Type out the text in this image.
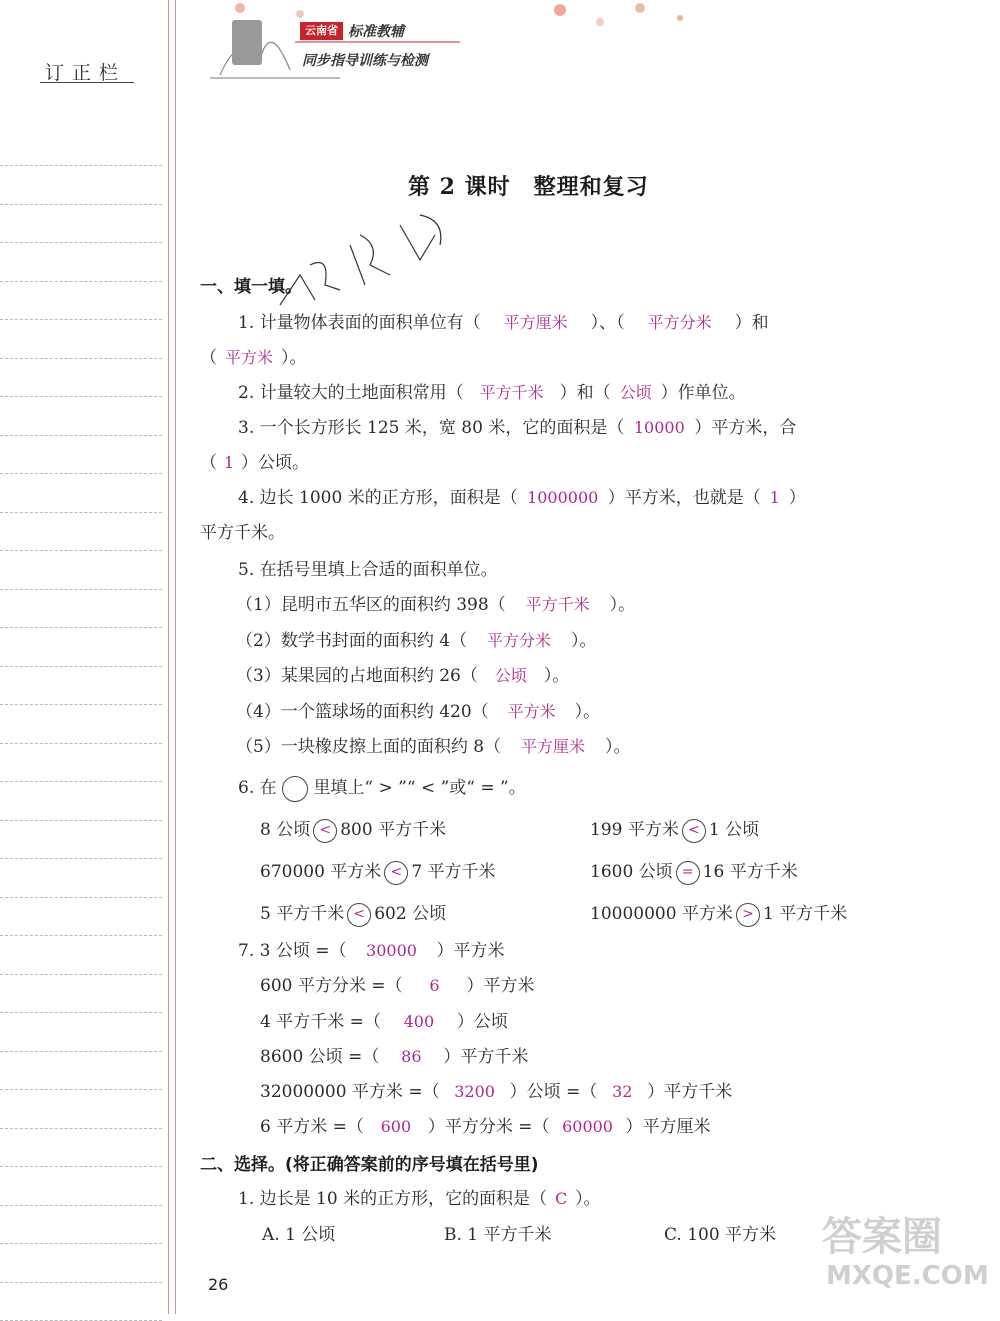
云南省 标准教辅
同步指导训练与检测
订正栏
第 2 课时　整理和复习
一、填一填。
1. 计量物体表面的面积单位有（ 平方厘米 ）、（ 平方分米 ）和
（ 平方米 ）。
2. 计量较大的土地面积常用（ 平方千米 ）和（ 公顷 ）作单位。
3. 一个长方形长 125 米，宽 80 米，它的面积是（ 10000 ）平方米，合
（ 1 ）公顷。
4. 边长 1000 米的正方形，面积是（ 1000000 ）平方米，也就是（ 1 ）
平方千米。
5. 在括号里填上合适的面积单位。
（1）昆明市五华区的面积约 398（ 平方千米 ）。
（2）数学书封面的面积约 4（ 平方分米 ）。
（3）某果园的占地面积约 26（ 公顷 ）。
（4）一个篮球场的面积约 420（ 平方米 ）。
（5）一块橡皮擦上面的面积约 8（ 平方厘米 ）。
6. 在 里填上“ > ”“ < ”或“ = ”。
8 公顷 < 800 平方千米	199 平方米 < 1 公顷
670000 平方米 < 7 平方千米	1600 公顷 = 16 平方千米
5 平方千米 < 602 公顷	10000000 平方米 > 1 平方千米
7. 3 公顷 =（ 30000 ）平方米
600 平方分米 =（ 6 ）平方米
4 平方千米 =（ 400 ）公顷
8600 公顷 =（ 86 ）平方千米
32000000 平方米 =（ 3200 ）公顷 =（ 32 ）平方千米
6 平方米 =（ 600 ）平方分米 =（ 60000 ）平方厘米
二、选择。(将正确答案前的序号填在括号里)
1. 边长是 10 米的正方形，它的面积是（ C ）。
A. 1 公顷	B. 1 平方千米	C. 100 平方米
26
答案圈
MXQE.COM
